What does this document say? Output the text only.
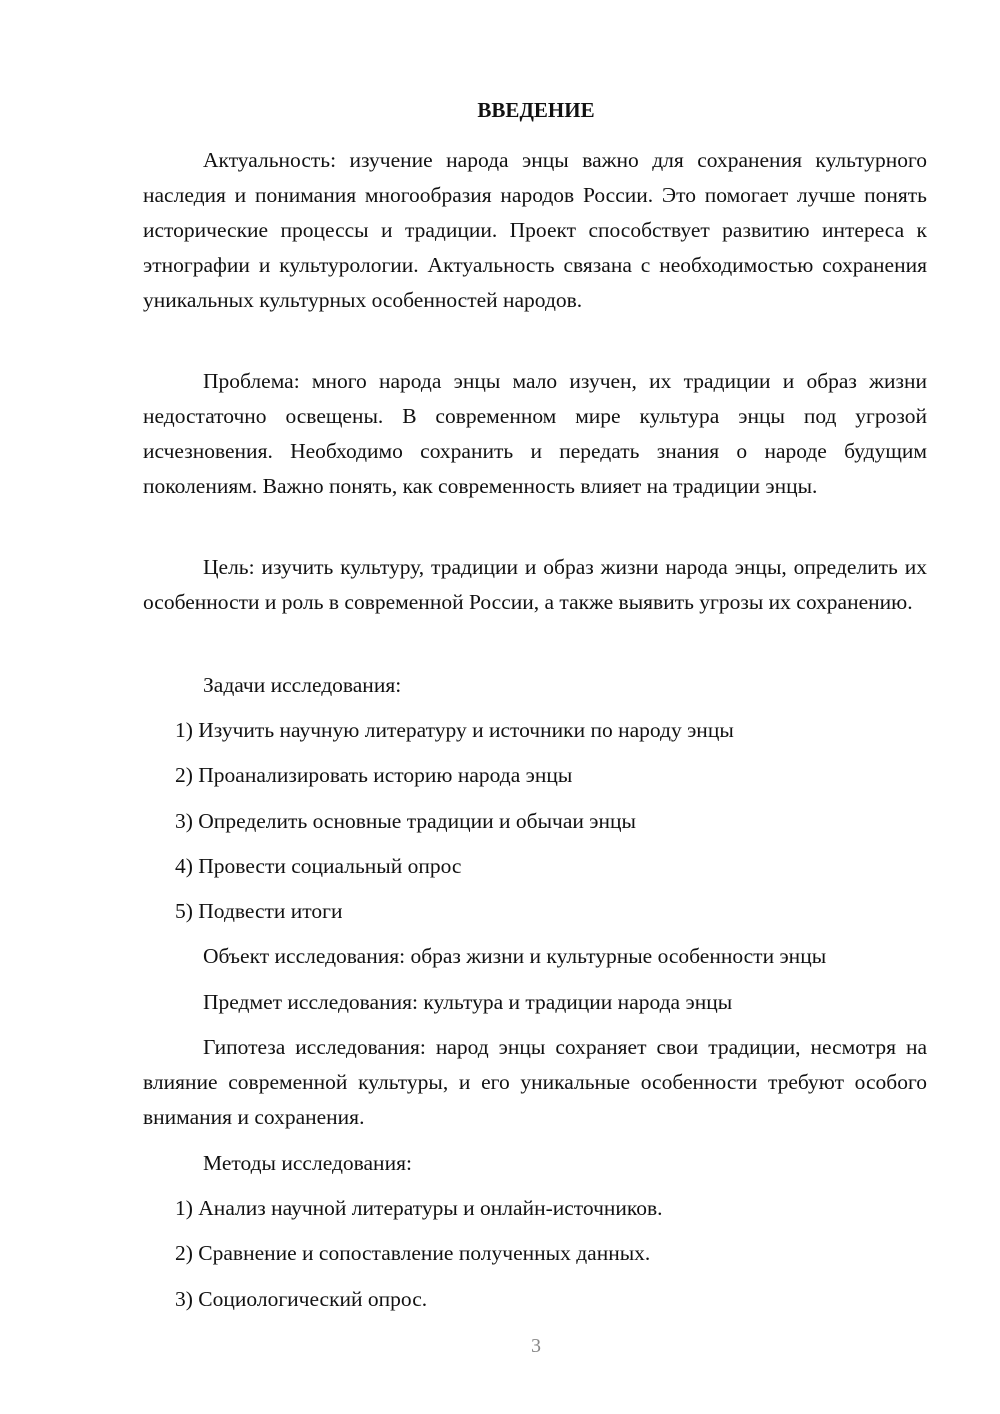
ВВЕДЕНИЕ

Актуальность: изучение народа энцы важно для сохранения культурного наследия и понимания многообразия народов России. Это помогает лучше понять исторические процессы и традиции. Проект способствует развитию интереса к этнографии и культурологии. Актуальность связана с необходимостью сохранения уникальных культурных особенностей народов.

Проблема: много народа энцы мало изучен, их традиции и образ жизни недостаточно освещены. В современном мире культура энцы под угрозой исчезновения. Необходимо сохранить и передать знания о народе будущим поколениям. Важно понять, как современность влияет на традиции энцы.

Цель: изучить культуру, традиции и образ жизни народа энцы, определить их особенности и роль в современной России, а также выявить угрозы их сохранению.

Задачи исследования:

1) Изучить научную литературу и источники по народу энцы

2) Проанализировать историю народа энцы

3) Определить основные традиции и обычаи энцы

4) Провести социальный опрос

5) Подвести итоги

Объект исследования: образ жизни и культурные особенности энцы

Предмет исследования: культура и традиции народа энцы

Гипотеза исследования: народ энцы сохраняет свои традиции, несмотря на влияние современной культуры, и его уникальные особенности требуют особого внимания и сохранения.

Методы исследования:

1) Анализ научной литературы и онлайн-источников.

2) Сравнение и сопоставление полученных данных.

3) Социологический опрос.

3
